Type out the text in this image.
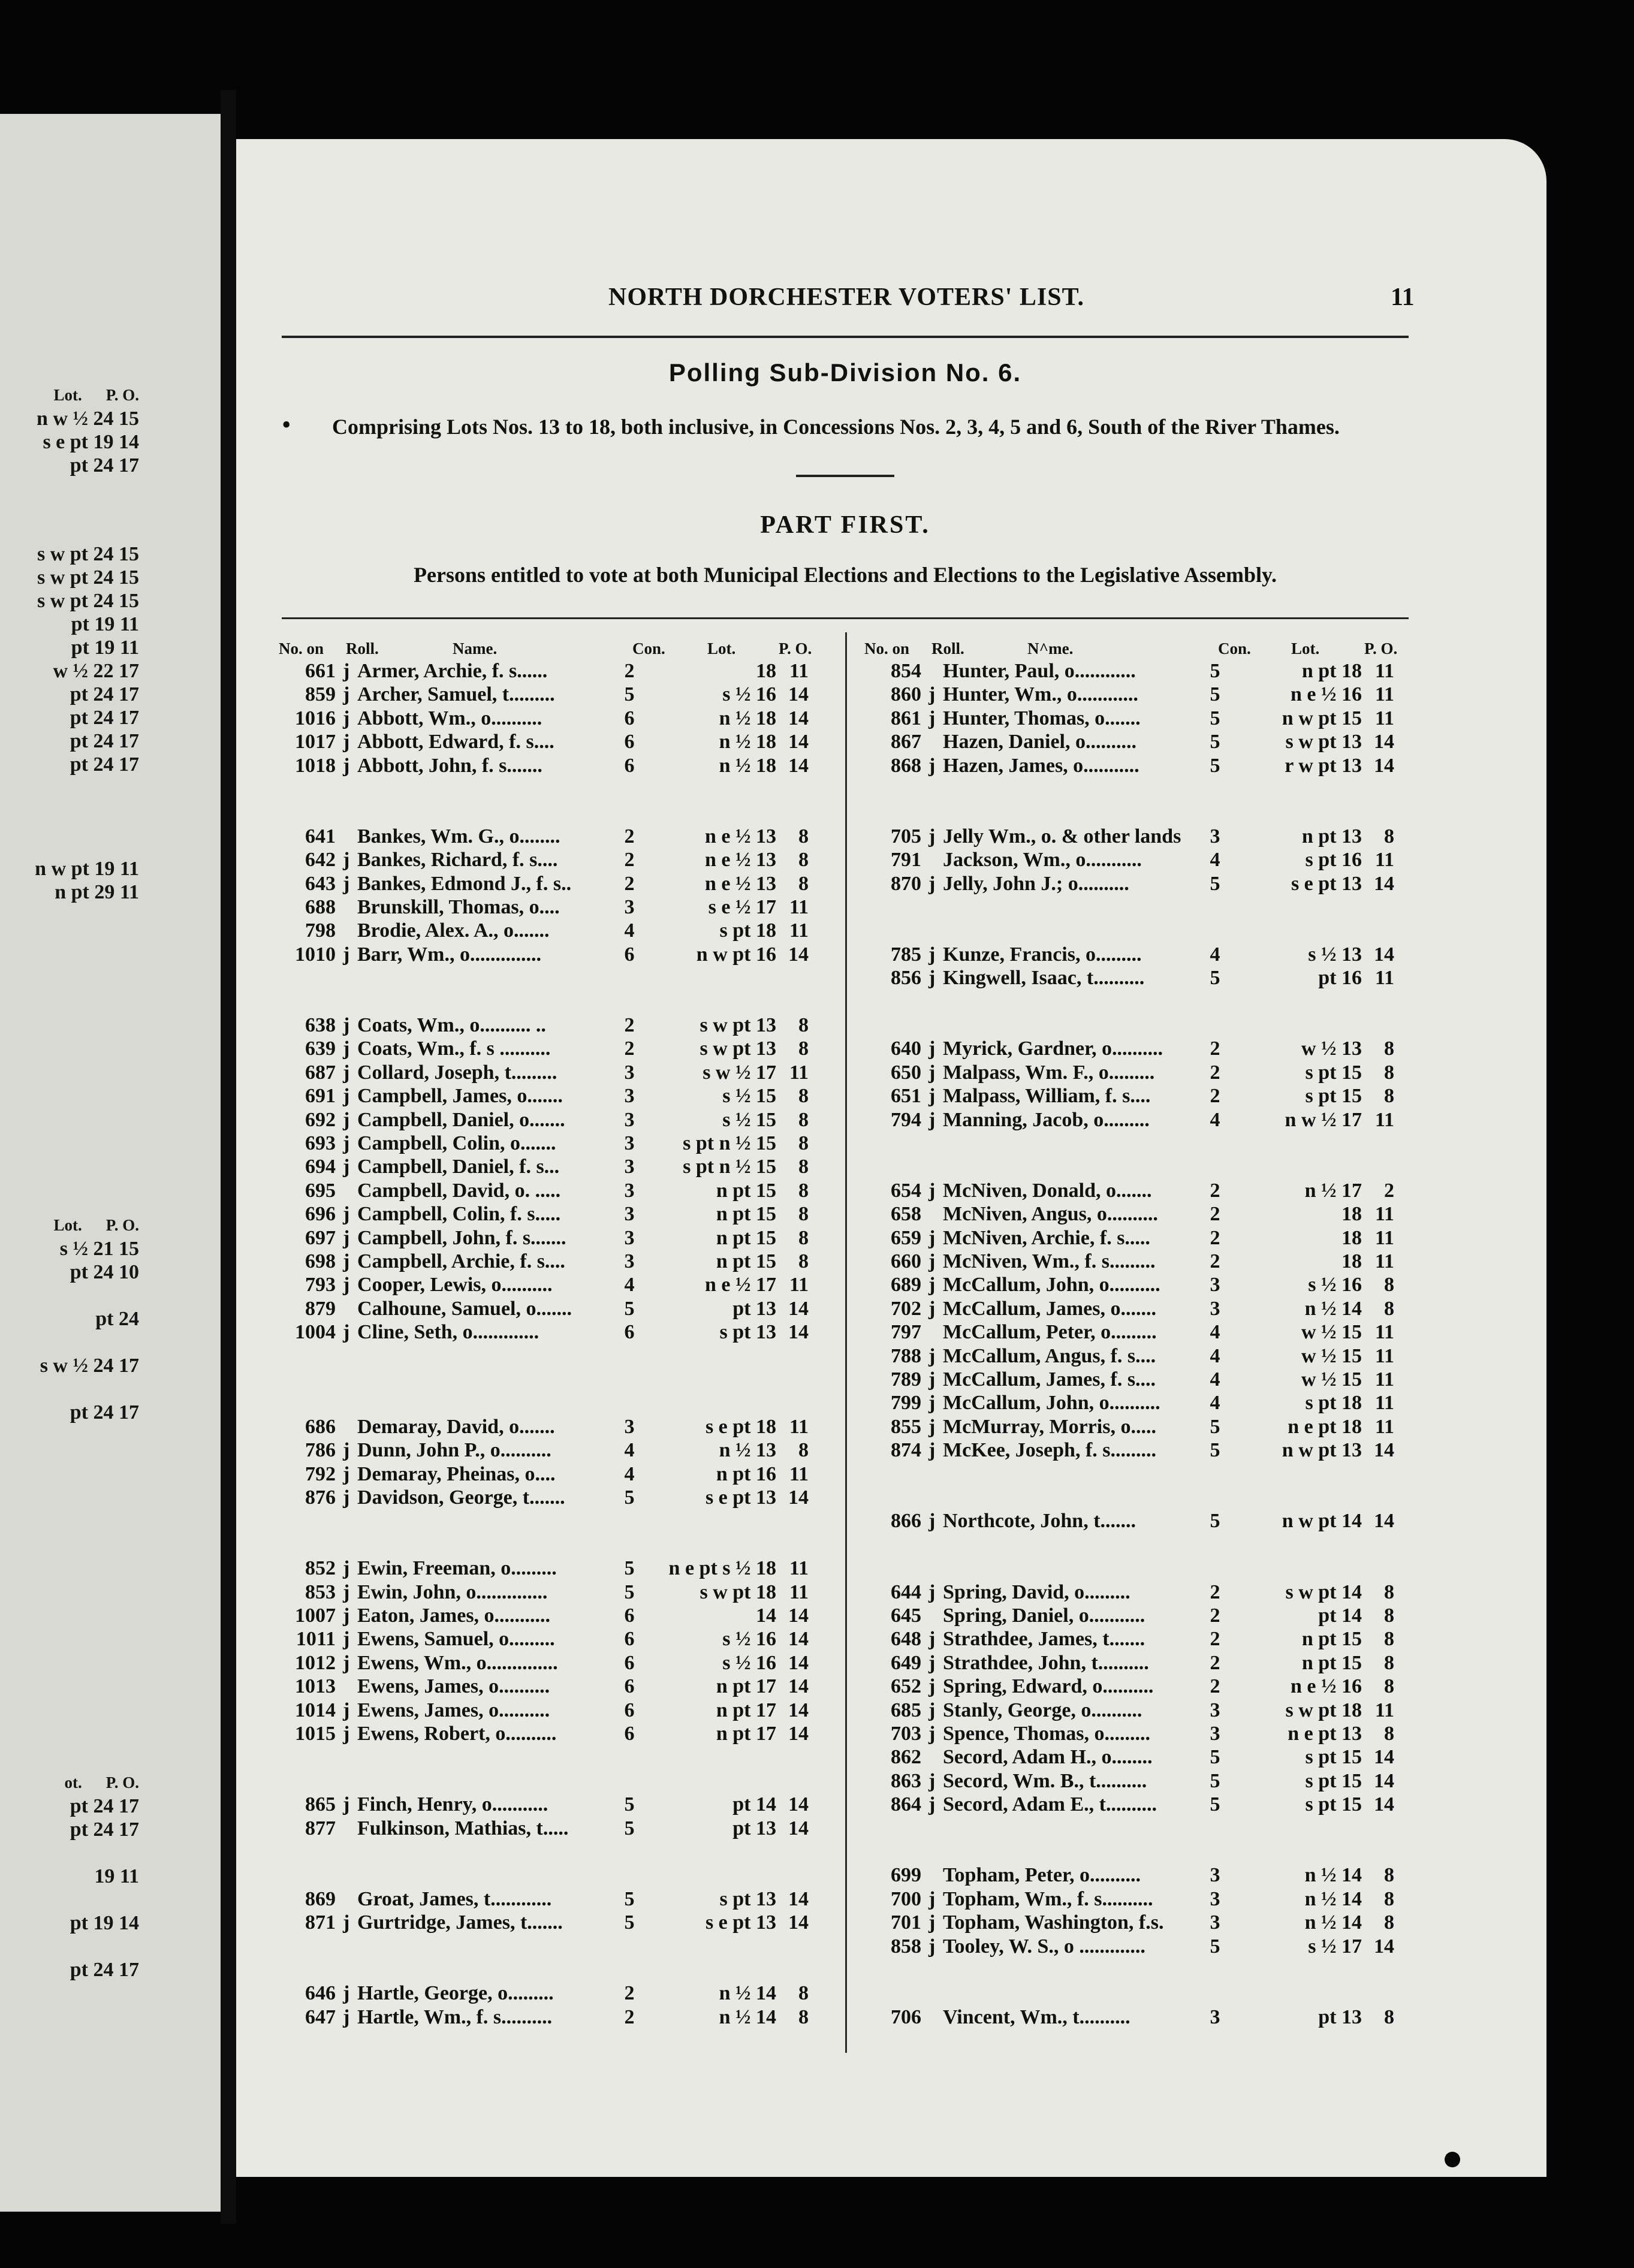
Lot. P. O.
n w ½ 24 15
s e pt 19 14
pt 24 17
s w pt 24 15
s w pt 24 15
s w pt 24 15
pt 19 11
pt 19 11
w ½ 22 17
pt 24 17
pt 24 17
pt 24 17
pt 24 17
n w pt 19 11
n pt 29 11
Lot. P. O.
s ½ 21 15
pt 24 10

pt 24

s w ½ 24 17

pt 24 17
ot. P. O.
pt 24 17
pt 24 17

19 11

pt 19 14

pt 24 17
NORTH DORCHESTER VOTERS' LIST.	11
Polling Sub-Division No. 6.
•	Comprising Lots Nos. 13 to 18, both inclusive, in Concessions Nos. 2, 3, 4, 5 and 6, South of the River Thames.
PART FIRST.
Persons entitled to vote at both Municipal Elections and Elections to the Legislative Assembly.
No. on Roll.	Name.	Con.	Lot.	P. O.	No. on Roll.	N^me.	Con. Lot.	P. O.
661 j Armer, Archie, f. s......	2	18 11
859 j Archer, Samuel, t.........	5	s ½ 16 14
1016 j Abbott, Wm., o..........	6	n ½ 18 14
1017 j Abbott, Edward, f. s....	6	n ½ 18 14
1018 j Abbott, John, f. s.......	6	n ½ 18 14
641 Bankes, Wm. G., o........	2	n e ½ 13	8
642 j Bankes, Richard, f. s....	2	n e ½ 13	8
643 j Bankes, Edmond J., f. s..	2	n e ½ 13	8
688 Brunskill, Thomas, o....	3	s e ½ 17 11
798 Brodie, Alex. A., o.......	4	s pt 18 11
1010 j Barr, Wm., o..............	6	n w pt 16 14
638 j Coats, Wm., o.......... ..	2	s w pt 13	8
639 j Coats, Wm., f. s ..........	2	s w pt 13	8
687 j Collard, Joseph, t.........	3	s w ½ 17 11
691 j Campbell, James, o.......	3	s ½ 15	8
692 j Campbell, Daniel, o.......	3	s ½ 15	8
693 j Campbell, Colin, o.......	3	s pt n ½ 15	8
694 j Campbell, Daniel, f. s...	3	s pt n ½ 15	8
695 Campbell, David, o. .....	3	n pt 15	8
696 j Campbell, Colin, f. s.....	3	n pt 15	8
697 j Campbell, John, f. s.......	3	n pt 15	8
698 j Campbell, Archie, f. s....	3	n pt 15	8
793 j Cooper, Lewis, o..........	4	n e ½ 17 11
879 Calhoune, Samuel, o.......	5	pt 13 14
1004 j Cline, Seth, o.............	6	s pt 13 14
686 Demaray, David, o.......	3	s e pt 18 11
786 j Dunn, John P., o..........	4	n ½ 13	8
792 j Demaray, Pheinas, o....	4	n pt 16 11
876 j Davidson, George, t.......	5	s e pt 13 14
852 j Ewin, Freeman, o.........	5	n e pt s ½ 18 11
853 j Ewin, John, o..............	5	s w pt 18 11
1007 j Eaton, James, o...........	6	14 14
1011 j Ewens, Samuel, o.........	6	s ½ 16 14
1012 j Ewens, Wm., o..............	6	s ½ 16 14
1013 Ewens, James, o..........	6	n pt 17 14
1014 j Ewens, James, o..........	6	n pt 17 14
1015 j Ewens, Robert, o..........	6	n pt 17 14
865 j Finch, Henry, o...........	5	pt 14 14
877 Fulkinson, Mathias, t.....	5	pt 13 14
869 Groat, James, t............	5	s pt 13 14
871 j Gurtridge, James, t.......	5	s e pt 13 14
646 j Hartle, George, o.........	2	n ½ 14	8
647 j Hartle, Wm., f. s..........	2	n ½ 14	8
854 Hunter, Paul, o............	5	n pt 18 11
860 j Hunter, Wm., o............	5	n e ½ 16 11
861 j Hunter, Thomas, o.......	5	n w pt 15 11
867 Hazen, Daniel, o..........	5	s w pt 13 14
868 j Hazen, James, o...........	5	r w pt 13 14
705 j Jelly Wm., o. & other lands	3	n pt 13	8
791 Jackson, Wm., o...........	4	s pt 16 11
870 j Jelly, John J.; o..........	5	s e pt 13 14
785 j Kunze, Francis, o.........	4	s ½ 13 14
856 j Kingwell, Isaac, t..........	5	pt 16 11
640 j Myrick, Gardner, o..........	2	w ½ 13	8
650 j Malpass, Wm. F., o.........	2	s pt 15	8
651 j Malpass, William, f. s....	2	s pt 15	8
794 j Manning, Jacob, o.........	4	n w ½ 17 11
654 j McNiven, Donald, o.......	2	n ½ 17	2
658 McNiven, Angus, o..........	2	18 11
659 j McNiven, Archie, f. s.....	2	18 11
660 j McNiven, Wm., f. s.........	2	18 11
689 j McCallum, John, o..........	3	s ½ 16	8
702 j McCallum, James, o.......	3	n ½ 14	8
797 McCallum, Peter, o.........	4	w ½ 15 11
788 j McCallum, Angus, f. s....	4	w ½ 15 11
789 j McCallum, James, f. s....	4	w ½ 15 11
799 j McCallum, John, o..........	4	s pt 18 11
855 j McMurray, Morris, o.....	5	n e pt 18 11
874 j McKee, Joseph, f. s.........	5	n w pt 13 14
866 j Northcote, John, t.......	5	n w pt 14 14
644 j Spring, David, o.........	2	s w pt 14	8
645 Spring, Daniel, o...........	2	pt 14	8
648 j Strathdee, James, t.......	2	n pt 15	8
649 j Strathdee, John, t..........	2	n pt 15	8
652 j Spring, Edward, o..........	2	n e ½ 16	8
685 j Stanly, George, o..........	3	s w pt 18 11
703 j Spence, Thomas, o.........	3	n e pt 13	8
862 Secord, Adam H., o........	5	s pt 15 14
863 j Secord, Wm. B., t..........	5	s pt 15 14
864 j Secord, Adam E., t..........	5	s pt 15 14
699 Topham, Peter, o..........	3	n ½ 14	8
700 j Topham, Wm., f. s..........	3	n ½ 14	8
701 j Topham, Washington, f.s.	3	n ½ 14	8
858 j Tooley, W. S., o .............	5	s ½ 17 14
706 Vincent, Wm., t..........	3	pt 13	8
